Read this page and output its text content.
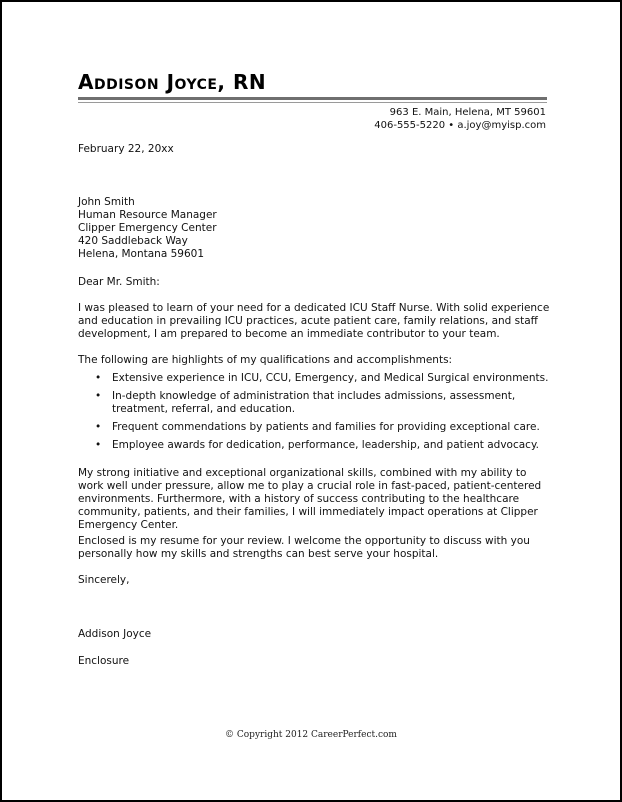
Addison Joyce, RN

963 E. Main, Helena, MT 59601

406-555-5220 • a.joy@myisp.com

February 22, 20xx

John Smith

Human Resource Manager

Clipper Emergency Center

420 Saddleback Way

Helena, Montana 59601

Dear Mr. Smith:
I was pleased to learn of your need for a dedicated ICU Staff Nurse. With solid experience and education in prevailing ICU practices, acute patient care, family relations, and staff development, I am prepared to become an immediate contributor to your team.
The following are highlights of my qualifications and accomplishments:
• Extensive experience in ICU, CCU, Emergency, and Medical Surgical environments.
• In-depth knowledge of administration that includes admissions, assessment, treatment, referral, and education.
• Frequent commendations by patients and families for providing exceptional care.
• Employee awards for dedication, performance, leadership, and patient advocacy.
My strong initiative and exceptional organizational skills, combined with my ability to work well under pressure, allow me to play a crucial role in fast-paced, patient-centered environments. Furthermore, with a history of success contributing to the healthcare community, patients, and their families, I will immediately impact operations at Clipper Emergency Center.
Enclosed is my resume for your review. I welcome the opportunity to discuss with you personally how my skills and strengths can best serve your hospital.
Sincerely,
Addison Joyce
Enclosure
© Copyright 2012 CareerPerfect.com
